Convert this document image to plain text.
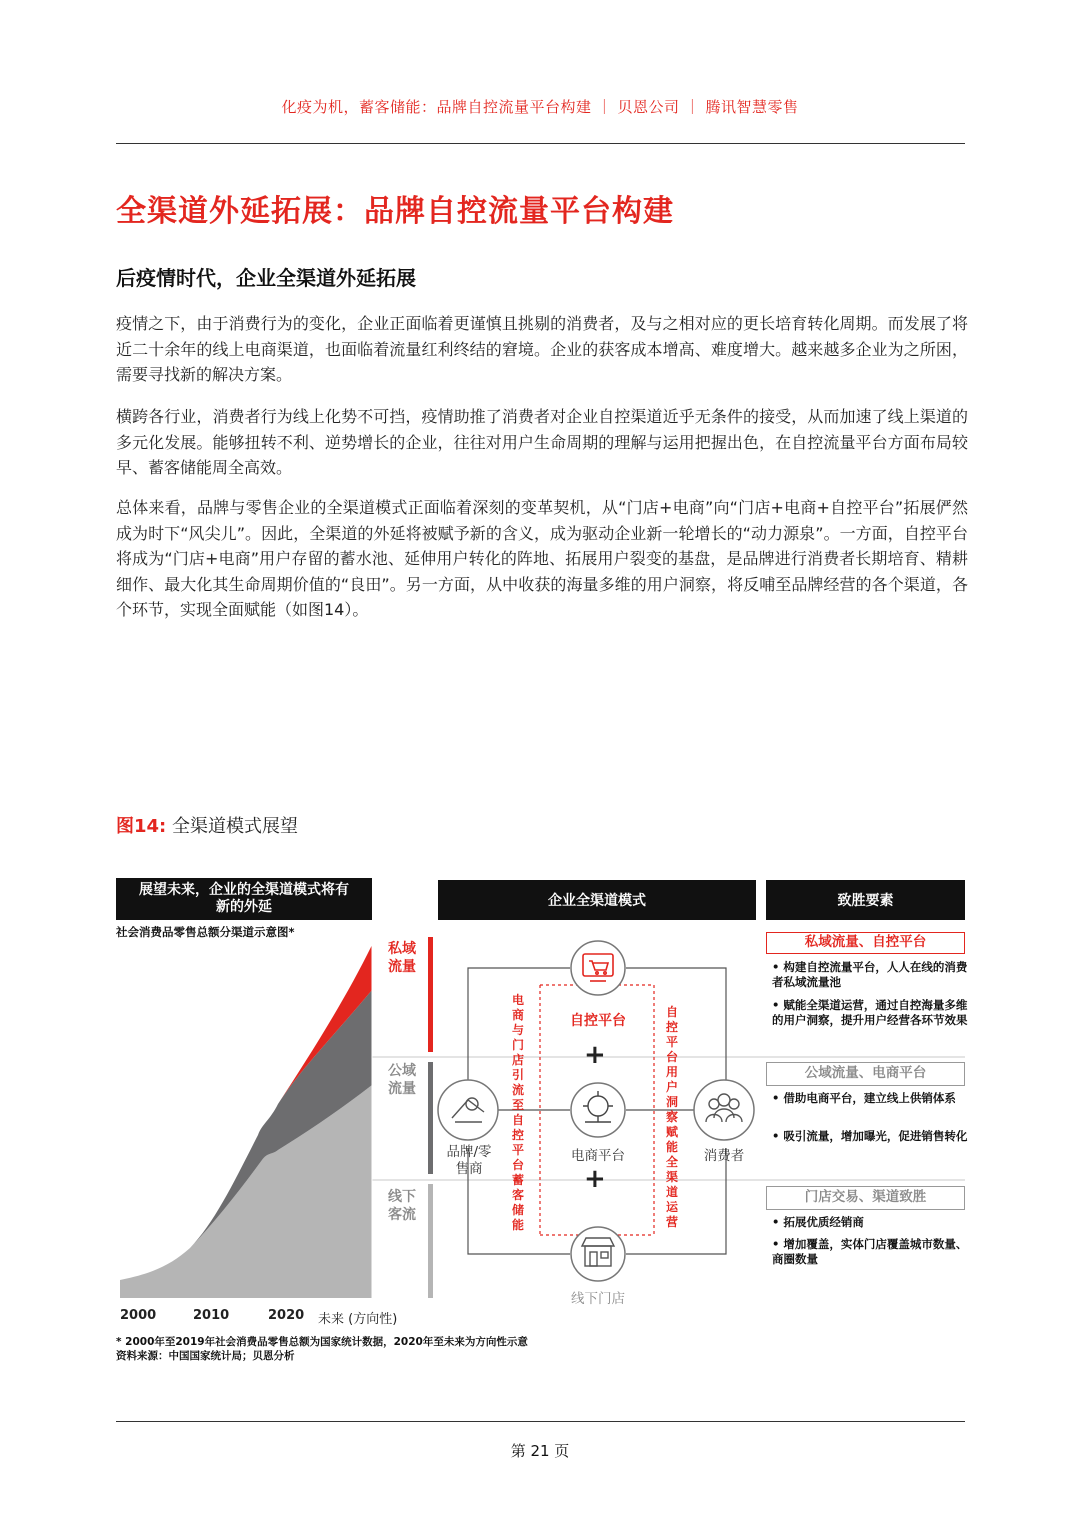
化疫为机，蓄客储能：品牌自控流量平台构建 ｜ 贝恩公司 ｜ 腾讯智慧零售
全渠道外延拓展：品牌自控流量平台构建
后疫情时代，企业全渠道外延拓展
疫情之下，由于消费行为的变化，企业正面临着更谨慎且挑剔的消费者，及与之相对应的更长培育转化周期。而发展了将近二十余年的线上电商渠道，也面临着流量红利终结的窘境。企业的获客成本增高、难度增大。越来越多企业为之所困，需要寻找新的解决方案。
横跨各行业，消费者行为线上化势不可挡，疫情助推了消费者对企业自控渠道近乎无条件的接受，从而加速了线上渠道的多元化发展。能够扭转不利、逆势增长的企业，往往对用户生命周期的理解与运用把握出色，在自控流量平台方面布局较早、蓄客储能周全高效。
总体来看，品牌与零售企业的全渠道模式正面临着深刻的变革契机，从“门店+电商”向“门店+电商+自控平台”拓展俨然成为时下“风尖儿”。因此，全渠道的外延将被赋予新的含义，成为驱动企业新一轮增长的“动力源泉”。一方面，自控平台将成为“门店+电商”用户存留的蓄水池、延伸用户转化的阵地、拓展用户裂变的基盘，是品牌进行消费者长期培育、精耕细作、最大化其生命周期价值的“良田”。另一方面，从中收获的海量多维的用户洞察，将反哺至品牌经营的各个渠道，各个环节，实现全面赋能（如图14）。
图14: 全渠道模式展望
展望未来，企业的全渠道模式将有新的外延
社会消费品零售总额分渠道示意图*
企业全渠道模式	致胜要素
私域流量
公域流量
线下客流
自控平台
+
电商平台
+
线下门店
品牌/零售商
消费者
电商与门店引流至自控平台蓄客储能
自控平台用户洞察赋能全渠道运营
私域流量、自控平台
• 构建自控流量平台，人人在线的消费 者私域流量池
• 赋能全渠道运营，通过自控海量多维的用户洞察，提升用户经营各环节效果
公域流量、电商平台
• 借助电商平台，建立线上供销体系
• 吸引流量，增加曝光，促进销售转化
门店交易、渠道致胜
• 拓展优质经销商
• 增加覆盖，实体门店覆盖城市数量、商圈数量
2000	2010	2020 未来 (方向性)
* 2000年至2019年社会消费品零售总额为国家统计数据，2020年至未来为方向性示意
资料来源：中国国家统计局；贝恩分析
第 21 页
